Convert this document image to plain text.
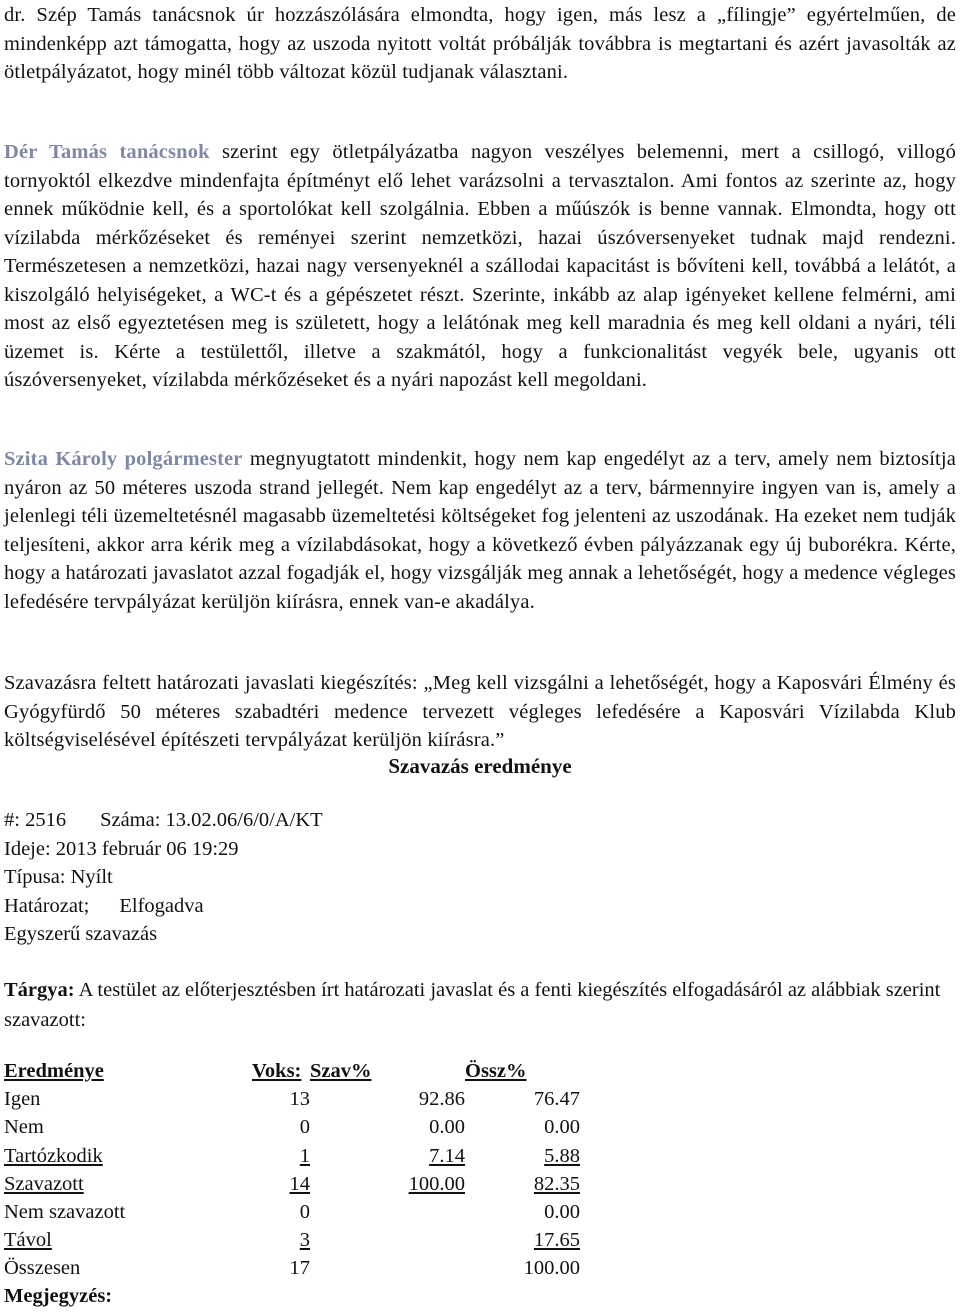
dr. Szép Tamás tanácsnok úr hozzászólására elmondta, hogy igen, más lesz a „fílingje” egyértelműen, de mindenképp azt támogatta, hogy az uszoda nyitott voltát próbálják továbbra is megtartani és azért javasolták az ötletpályázatot, hogy minél több változat közül tudjanak választani.

Dér Tamás tanácsnok szerint egy ötletpályázatba nagyon veszélyes belemenni, mert a csillogó, villogó tornyoktól elkezdve mindenfajta építményt elő lehet varázsolni a tervasztalon. Ami fontos az szerinte az, hogy ennek működnie kell, és a sportolókat kell szolgálnia. Ebben a műúszók is benne vannak. Elmondta, hogy ott vízilabda mérkőzéseket és reményei szerint nemzetközi, hazai úszóversenyeket tudnak majd rendezni. Természetesen a nemzetközi, hazai nagy versenyeknél a szállodai kapacitást is bővíteni kell, továbbá a lelátót, a kiszolgáló helyiségeket, a WC-t és a gépészetet részt. Szerinte, inkább az alap igényeket kellene felmérni, ami most az első egyeztetésen meg is született, hogy a lelátónak meg kell maradnia és meg kell oldani a nyári, téli üzemet is. Kérte a testülettől, illetve a szakmától, hogy a funkcionalitást vegyék bele, ugyanis ott úszóversenyeket, vízilabda mérkőzéseket és a nyári napozást kell megoldani.

Szita Károly polgármester megnyugtatott mindenkit, hogy nem kap engedélyt az a terv, amely nem biztosítja nyáron az 50 méteres uszoda strand jellegét. Nem kap engedélyt az a terv, bármennyire ingyen van is, amely a jelenlegi téli üzemeltetésnél magasabb üzemeltetési költségeket fog jelenteni az uszodának. Ha ezeket nem tudják teljesíteni, akkor arra kérik meg a vízilabdásokat, hogy a következő évben pályázzanak egy új buborékra. Kérte, hogy a határozati javaslatot azzal fogadják el, hogy vizsgálják meg annak a lehetőségét, hogy a medence végleges lefedésére tervpályázat kerüljön kiírásra, ennek van-e akadálya.

Szavazásra feltett határozati javaslati kiegészítés: „Meg kell vizsgálni a lehetőségét, hogy a Kaposvári Élmény és Gyógyfürdő 50 méteres szabadtéri medence tervezett végleges lefedésére a Kaposvári Vízilabda Klub költségviselésével építészeti tervpályázat kerüljön kiírásra.”

Szavazás eredménye
#: 2516 Száma: 13.02.06/6/0/A/KT
Ideje: 2013 február 06 19:29
Típusa: Nyílt
Határozat; Elfogadva
Egyszerű szavazás
Tárgya: A testület az előterjesztésben írt határozati javaslat és a fenti kiegészítés elfogadásáról az alábbiak szerint szavazott:
Eredménye	Voks:	Szav%	Össz%
Igen	13	92.86	76.47
Nem	0	0.00	0.00
Tartózkodik	1	7.14	5.88
Szavazott	14	100.00	82.35
Nem szavazott	0		0.00
Távol	3		17.65
Összesen	17		100.00
Megjegyzés:
